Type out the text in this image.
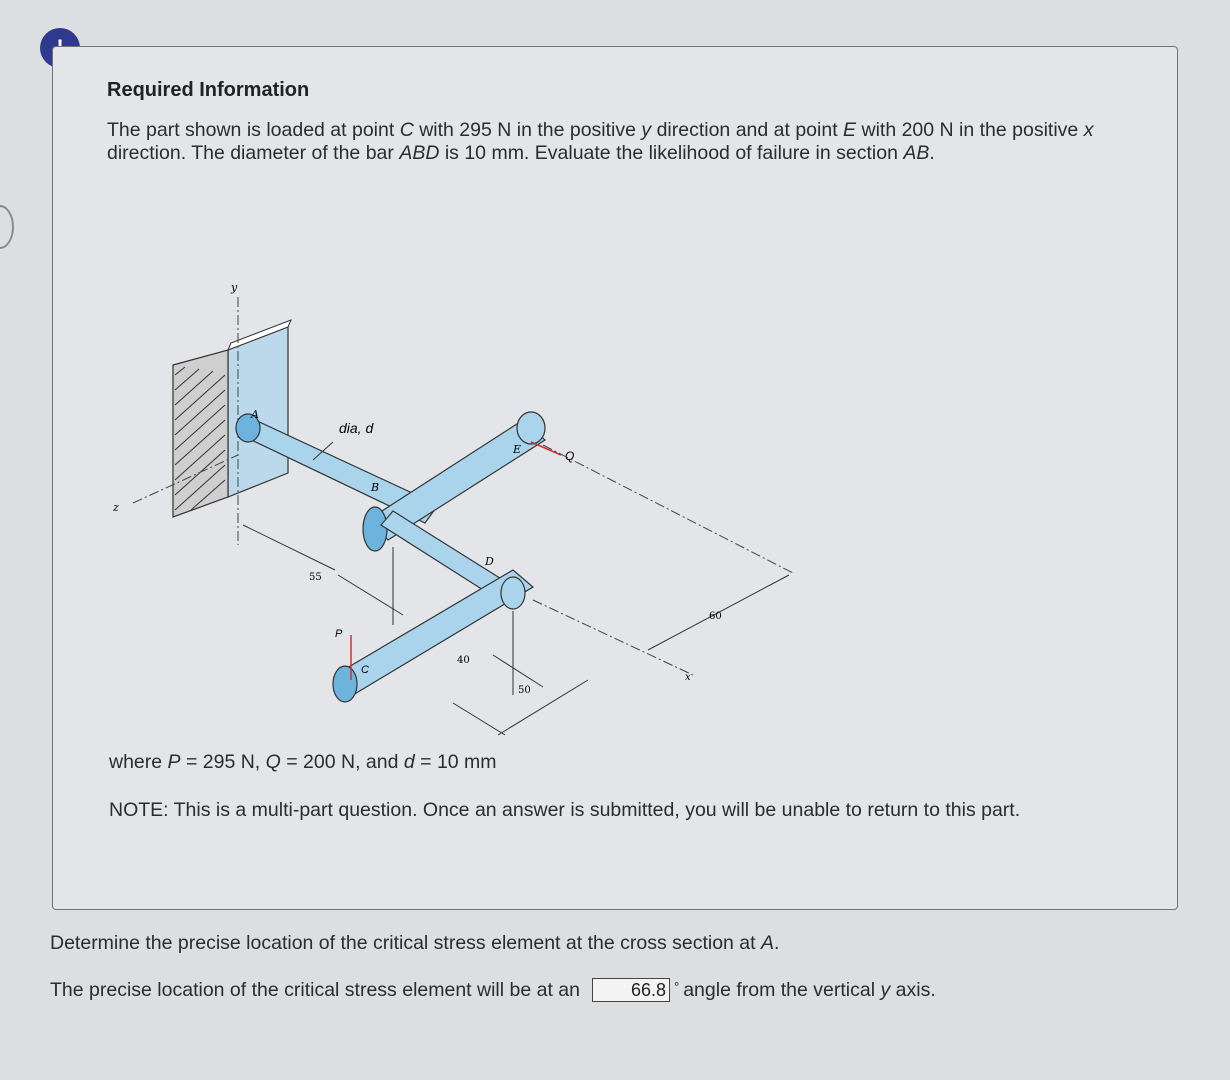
Required Information
The part shown is loaded at point C with 295 N in the positive y direction and at point E with 200 N in the positive x direction. The diameter of the bar ABD is 10 mm. Evaluate the likelihood of failure in section AB.
y
z
A
dia, d
B
E	Q
D
C
P
55
40
50
x
60
where P = 295 N, Q = 200 N, and d = 10 mm
NOTE: This is a multi-part question. Once an answer is submitted, you will be unable to return to this part.
Determine the precise location of the critical stress element at the cross section at A.
The precise location of the critical stress element will be at an	66.8 ° angle from the vertical y axis.
